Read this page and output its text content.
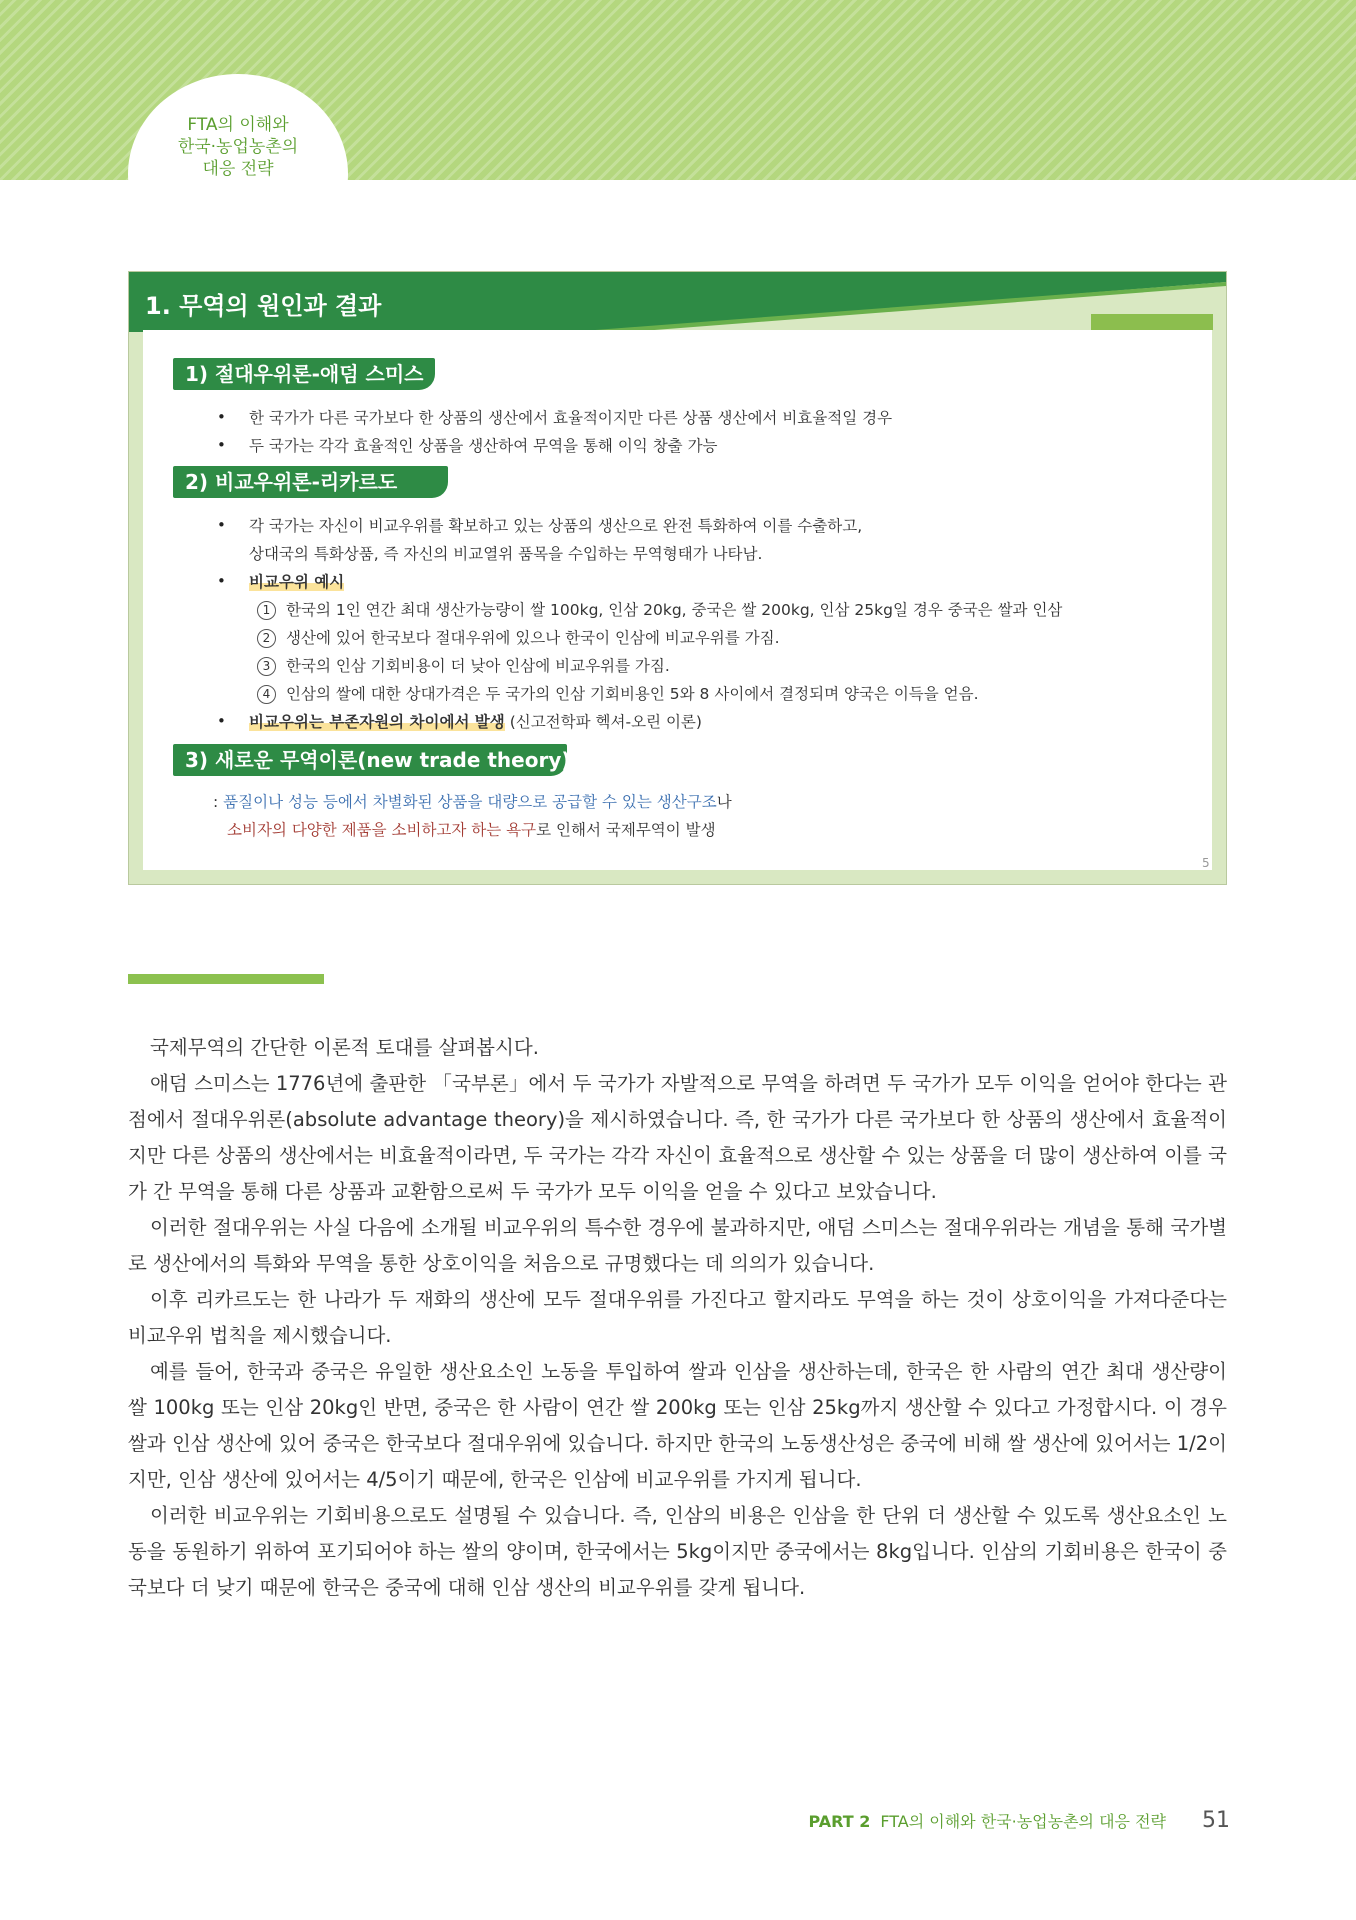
FTA의 이해와
한국·농업농촌의
대응 전략
1. 무역의 원인과 결과
1) 절대우위론-애덤 스미스
• 한 국가가 다른 국가보다 한 상품의 생산에서 효율적이지만 다른 상품 생산에서 비효율적일 경우
• 두 국가는 각각 효율적인 상품을 생산하여 무역을 통해 이익 창출 가능
2) 비교우위론-리카르도
• 각 국가는 자신이 비교우위를 확보하고 있는 상품의 생산으로 완전 특화하여 이를 수출하고,
상대국의 특화상품, 즉 자신의 비교열위 품목을 수입하는 무역형태가 나타남.
• 비교우위 예시
1 한국의 1인 연간 최대 생산가능량이 쌀 100kg, 인삼 20kg, 중국은 쌀 200kg, 인삼 25kg일 경우 중국은 쌀과 인삼
2 생산에 있어 한국보다 절대우위에 있으나 한국이 인삼에 비교우위를 가짐.
3 한국의 인삼 기회비용이 더 낮아 인삼에 비교우위를 가짐.
4 인삼의 쌀에 대한 상대가격은 두 국가의 인삼 기회비용인 5와 8 사이에서 결정되며 양국은 이득을 얻음.
• 비교우위는 부존자원의 차이에서 발생 (신고전학파 헥셔-오린 이론)
3) 새로운 무역이론(new trade theory)
: 품질이나 성능 등에서 차별화된 상품을 대량으로 공급할 수 있는 생산구조나
소비자의 다양한 제품을 소비하고자 하는 욕구로 인해서 국제무역이 발생
5

국제무역의 간단한 이론적 토대를 살펴봅시다.

애덤 스미스는 1776년에 출판한 「국부론」에서 두 국가가 자발적으로 무역을 하려면 두 국가가 모두 이익을 얻어야 한다는 관점에서 절대우위론(absolute advantage theory)을 제시하였습니다. 즉, 한 국가가 다른 국가보다 한 상품의 생산에서 효율적이지만 다른 상품의 생산에서는 비효율적이라면, 두 국가는 각각 자신이 효율적으로 생산할 수 있는 상품을 더 많이 생산하여 이를 국가 간 무역을 통해 다른 상품과 교환함으로써 두 국가가 모두 이익을 얻을 수 있다고 보았습니다.

이러한 절대우위는 사실 다음에 소개될 비교우위의 특수한 경우에 불과하지만, 애덤 스미스는 절대우위라는 개념을 통해 국가별로 생산에서의 특화와 무역을 통한 상호이익을 처음으로 규명했다는 데 의의가 있습니다.

이후 리카르도는 한 나라가 두 재화의 생산에 모두 절대우위를 가진다고 할지라도 무역을 하는 것이 상호이익을 가져다준다는 비교우위 법칙을 제시했습니다.

예를 들어, 한국과 중국은 유일한 생산요소인 노동을 투입하여 쌀과 인삼을 생산하는데, 한국은 한 사람의 연간 최대 생산량이 쌀 100kg 또는 인삼 20kg인 반면, 중국은 한 사람이 연간 쌀 200kg 또는 인삼 25kg까지 생산할 수 있다고 가정합시다. 이 경우 쌀과 인삼 생산에 있어 중국은 한국보다 절대우위에 있습니다. 하지만 한국의 노동생산성은 중국에 비해 쌀 생산에 있어서는 1/2이지만, 인삼 생산에 있어서는 4/5이기 때문에, 한국은 인삼에 비교우위를 가지게 됩니다.

이러한 비교우위는 기회비용으로도 설명될 수 있습니다. 즉, 인삼의 비용은 인삼을 한 단위 더 생산할 수 있도록 생산요소인 노동을 동원하기 위하여 포기되어야 하는 쌀의 양이며, 한국에서는 5kg이지만 중국에서는 8kg입니다. 인삼의 기회비용은 한국이 중국보다 더 낮기 때문에 한국은 중국에 대해 인삼 생산의 비교우위를 갖게 됩니다.

PART 2 FTA의 이해와 한국·농업농촌의 대응 전략 51
